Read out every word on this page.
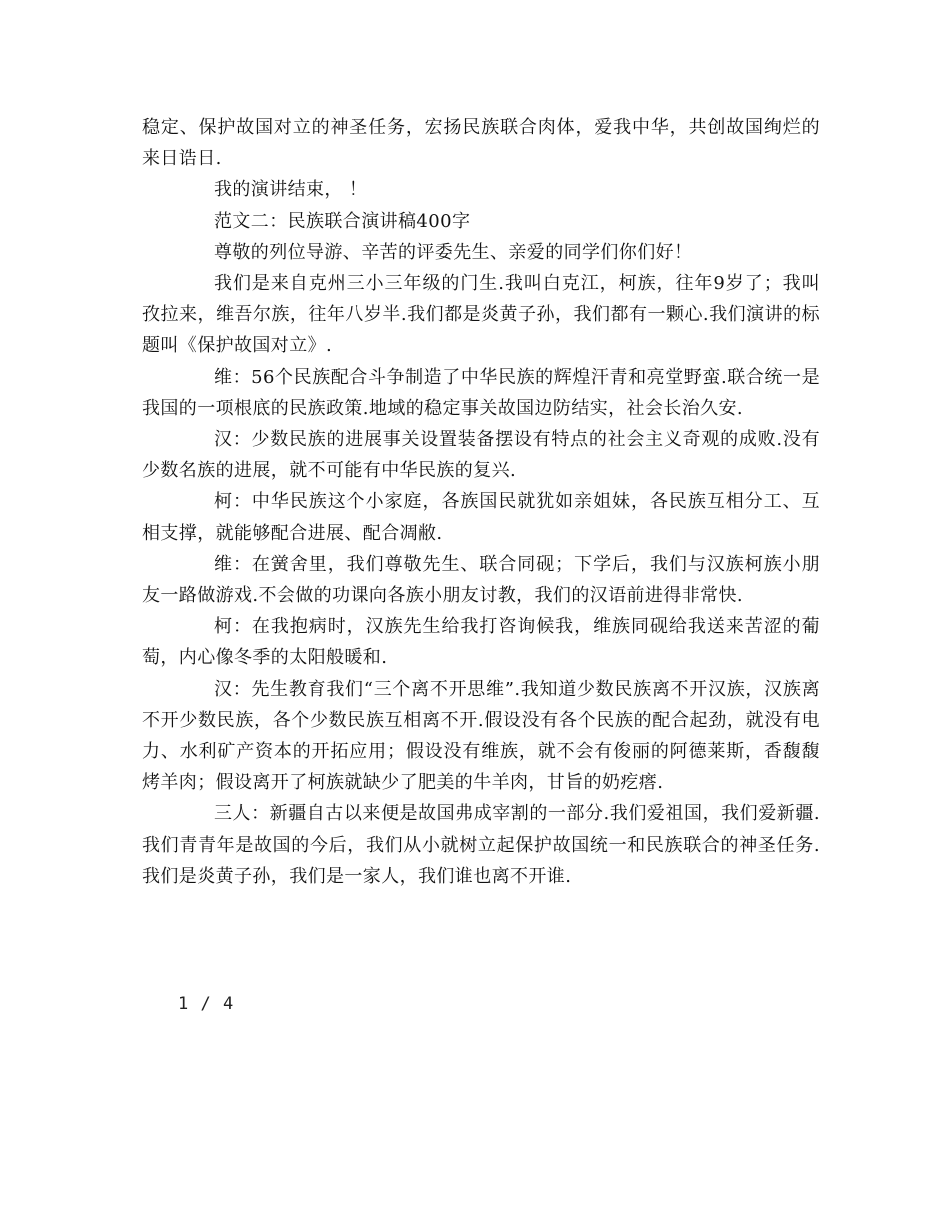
稳定、保护故国对立的神圣任务，宏扬民族联合肉体，爱我中华，共创故国绚烂的来日诰日.

我的演讲结束， ！

范文二：民族联合演讲稿400字

尊敬的列位导游、辛苦的评委先生、亲爱的同学们你们好！

我们是来自克州三小三年级的门生.我叫白克江，柯族，往年9岁了；我叫孜拉来，维吾尔族，往年八岁半.我们都是炎黄子孙，我们都有一颗心.我们演讲的标题叫《保护故国对立》.

维：56个民族配合斗争制造了中华民族的辉煌汗青和亮堂野蛮.联合统一是我国的一项根底的民族政策.地域的稳定事关故国边防结实，社会长治久安.

汉：少数民族的进展事关设置装备摆设有特点的社会主义奇观的成败.没有少数名族的进展，就不可能有中华民族的复兴.

柯：中华民族这个小家庭，各族国民就犹如亲姐妹，各民族互相分工、互相支撑，就能够配合进展、配合凋敝.

维：在黉舍里，我们尊敬先生、联合同砚；下学后，我们与汉族柯族小朋友一路做游戏.不会做的功课向各族小朋友讨教，我们的汉语前进得非常快.

柯：在我抱病时，汉族先生给我打咨询候我，维族同砚给我送来苦涩的葡萄，内心像冬季的太阳般暖和.

汉：先生教育我们“三个离不开思维”.我知道少数民族离不开汉族，汉族离不开少数民族，各个少数民族互相离不开.假设没有各个民族的配合起劲，就没有电力、水利矿产资本的开拓应用；假设没有维族，就不会有俊丽的阿德莱斯，香馥馥烤羊肉；假设离开了柯族就缺少了肥美的牛羊肉，甘旨的奶疙瘩.

三人：新疆自古以来便是故国弗成宰割的一部分.我们爱祖国，我们爱新疆.我们青青年是故国的今后，我们从小就树立起保护故国统一和民族联合的神圣任务.我们是炎黄子孙，我们是一家人，我们谁也离不开谁.

1 / 4
